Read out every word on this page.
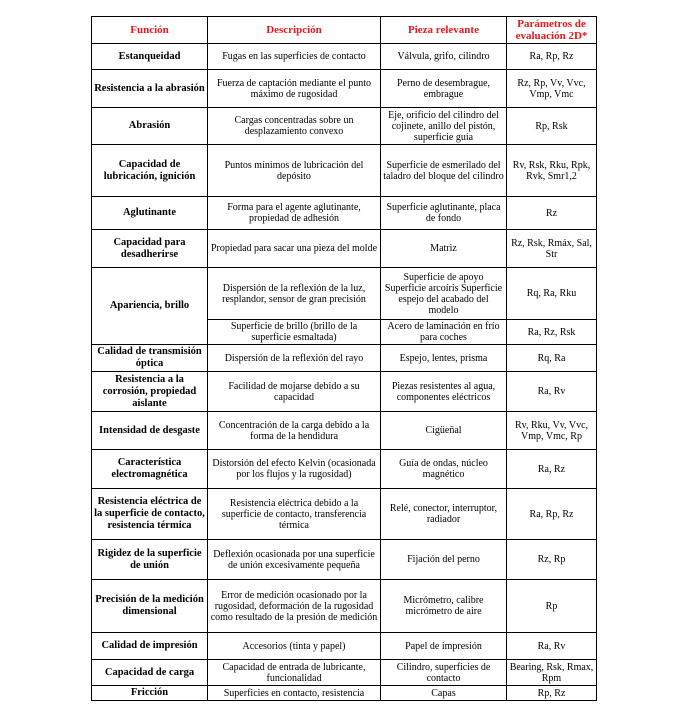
Función	Descripción	Pieza relevante	Parámetros de evaluación 2D*
Estanqueidad	Fugas en las superficies de contacto	Válvula, grifo, cilindro	Ra, Rp, Rz
Resistencia a la abrasión	Fuerza de captación mediante el punto máximo de rugosidad	Perno de desembrague, embrague	Rz, Rp, Vv, Vvc, Vmp, Vmc
Abrasión	Cargas concentradas sobre un desplazamiento convexo	Eje, orificio del cilindro del cojinete, anillo del pistón, superficie guía	Rp, Rsk
Capacidad de lubricación, ignición	Puntos mínimos de lubricación del depósito	Superficie de esmerilado del taladro del bloque del cilindro	Rv, Rsk, Rku, Rpk, Rvk, Smr1,2
Aglutinante	Forma para el agente aglutinante, propiedad de adhesión	Superficie aglutinante, placa de fondo	Rz
Capacidad para desadherirse	Propiedad para sacar una pieza del molde	Matriz	Rz, Rsk, Rmáx, Sal, Str
Apariencia, brillo	Dispersión de la reflexión de la luz, resplandor, sensor de gran precisión	Superficie de apoyo Superficie arcoíris Superficie espejo del acabado del modelo	Rq, Ra, Rku
	Superficie de brillo (brillo de la superficie esmaltada)	Acero de laminación en frío para coches	Ra, Rz, Rsk
Calidad de transmisión óptica	Dispersión de la reflexión del rayo	Espejo, lentes, prisma	Rq, Ra
Resistencia a la corrosión, propiedad aislante	Facilidad de mojarse debido a su capacidad	Piezas resistentes al agua, componentes eléctricos	Ra, Rv
Intensidad de desgaste	Concentración de la carga debido a la forma de la hendidura	Cigüeñal	Rv, Rku, Vv, Vvc, Vmp, Vmc, Rp
Característica electromagnética	Distorsión del efecto Kelvin (ocasionada por los flujos y la rugosidad)	Guía de ondas, núcleo magnético	Ra, Rz
Resistencia eléctrica de la superficie de contacto, resistencia térmica	Resistencia eléctrica debido a la superficie de contacto, transferencia térmica	Relé, conector, interruptor, radiador	Ra, Rp, Rz
Rigidez de la superficie de unión	Deflexión ocasionada por una superficie de unión excesivamente pequeña	Fijación del perno	Rz, Rp
Precisión de la medición dimensional	Error de medición ocasionado por la rugosidad, deformación de la rugosidad como resultado de la presión de medición	Micrómetro, calibre micrómetro de aire	Rp
Calidad de impresión	Accesorios (tinta y papel)	Papel de impresión	Ra, Rv
Capacidad de carga	Capacidad de entrada de lubricante, funcionalidad	Cilindro, superficies de contacto	Bearing, Rsk, Rmax, Rpm
Fricción	Superficies en contacto, resistencia	Capas	Rp, Rz
